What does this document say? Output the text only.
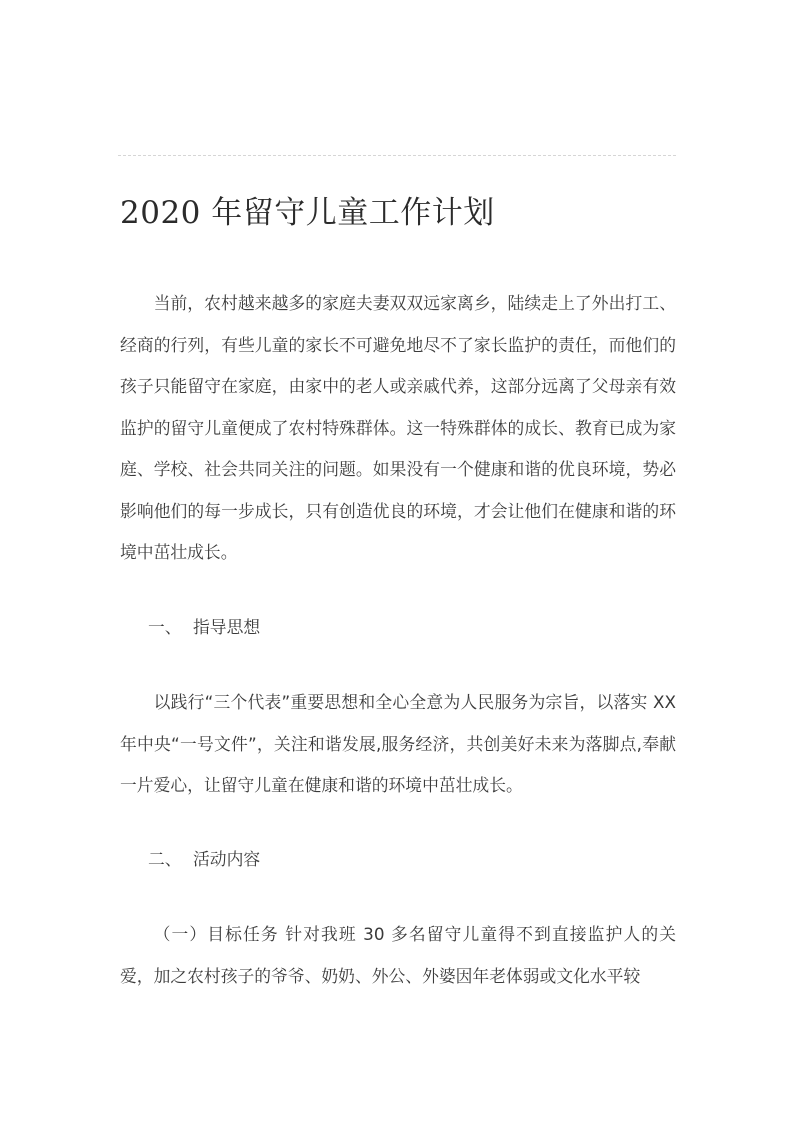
2020 年留守儿童工作计划

当前，农村越来越多的家庭夫妻双双远家离乡，陆续走上了外出打工、经商的行列，有些儿童的家长不可避免地尽不了家长监护的责任，而他们的孩子只能留守在家庭，由家中的老人或亲戚代养，这部分远离了父母亲有效监护的留守儿童便成了农村特殊群体。这一特殊群体的成长、教育已成为家庭、学校、社会共同关注的问题。如果没有一个健康和谐的优良环境，势必影响他们的每一步成长，只有创造优良的环境，才会让他们在健康和谐的环境中茁壮成长。

一、 指导思想

以践行“三个代表”重要思想和全心全意为人民服务为宗旨，以落实 XX 年中央“一号文件”，关注和谐发展,服务经济，共创美好未来为落脚点,奉献一片爱心，让留守儿童在健康和谐的环境中茁壮成长。

二、 活动内容

（一）目标任务 针对我班 30 多名留守儿童得不到直接监护人的关爱，加之农村孩子的爷爷、奶奶、外公、外婆因年老体弱或文化水平较
